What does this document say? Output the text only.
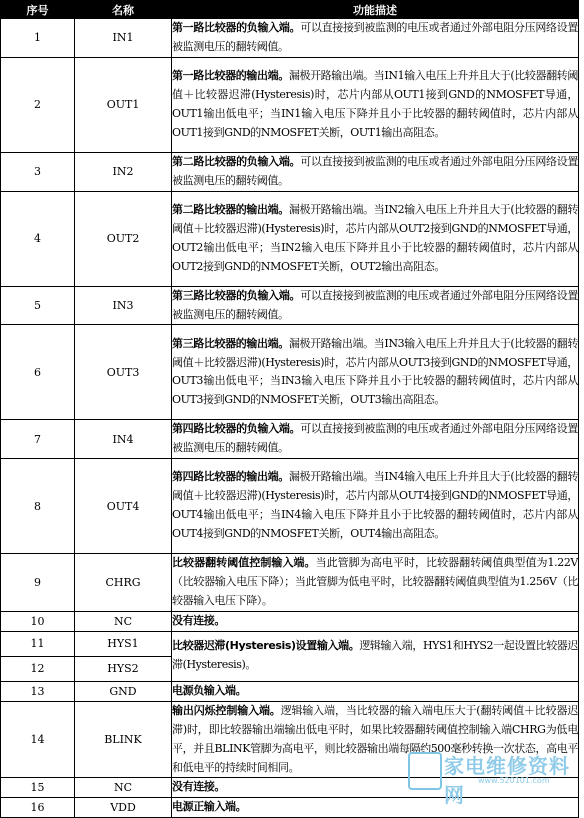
序号	名称	功能描述
1	IN1	第一路比较器的负输入端。可以直接接到被监测的电压或者通过外部电阻分压网络设置被监测电压的翻转阈值。
2	OUT1	第一路比较器的输出端。漏极开路输出端。当IN1输入电压上升并且大于(比较器翻转阈值＋比较器迟滞(Hysteresis)时，芯片内部从OUT1接到GND的NMOSFET导通，OUT1输出低电平；当IN1输入电压下降并且小于比较器的翻转阈值时，芯片内部从OUT1接到GND的NMOSFET关断，OUT1输出高阻态。
3	IN2	第二路比较器的负输入端。可以直接接到被监测的电压或者通过外部电阻分压网络设置被监测电压的翻转阈值。
4	OUT2	第二路比较器的输出端。漏极开路输出端。当IN2输入电压上升并且大于(比较器的翻转阈值＋比较器迟滞)(Hysteresis)时，芯片内部从OUT2接到GND的NMOSFET导通，OUT2输出低电平；当IN2输入电压下降并且小于比较器的翻转阈值时，芯片内部从OUT2接到GND的NMOSFET关断，OUT2输出高阻态。
5	IN3	第三路比较器的负输入端。可以直接接到被监测的电压或者通过外部电阻分压网络设置被监测电压的翻转阈值。
6	OUT3	第三路比较器的输出端。漏极开路输出端。当IN3输入电压上升并且大于(比较器的翻转阈值＋比较器迟滞)(Hysteresis)时，芯片内部从OUT3接到GND的NMOSFET导通，OUT3输出低电平；当IN3输入电压下降并且小于比较器的翻转阈值时，芯片内部从OUT3接到GND的NMOSFET关断，OUT3输出高阻态。
7	IN4	第四路比较器的负输入端。可以直接接到被监测的电压或者通过外部电阻分压网络设置被监测电压的翻转阈值。
8	OUT4	第四路比较器的输出端。漏极开路输出端。当IN4输入电压上升并且大于(比较器的翻转阈值＋比较器迟滞)(Hysteresis)时，芯片内部从OUT4接到GND的NMOSFET导通，OUT4输出低电平；当IN4输入电压下降并且小于比较器的翻转阈值时，芯片内部从OUT4接到GND的NMOSFET关断，OUT4输出高阻态。
9	CHRG	比较器翻转阈值控制输入端。当此管脚为高电平时，比较器翻转阈值典型值为1.22V（比较器输入电压下降）；当此管脚为低电平时，比较器翻转阈值典型值为1.256V（比较器输入电压下降）。
10	NC	没有连接。
11	HYS1	比较器迟滞(Hysteresis)设置输入端。逻辑输入端，HYS1和HYS2一起设置比较器迟滞(Hysteresis)。
12	HYS2	
13	GND	电源负输入端。
14	BLINK	输出闪烁控制输入端。逻辑输入端，当比较器的输入端电压大于(翻转阈值＋比较器迟滞)时，即比较器输出端输出低电平时，如果比较器翻转阈值控制输入端CHRG为低电平，并且BLINK管脚为高电平，则比较器输出端每隔约500毫秒转换一次状态，高电平和低电平的持续时间相同。
15	NC	没有连接。
16	VDD	电源正输入端。
家电维修资料网
www.520101.com
